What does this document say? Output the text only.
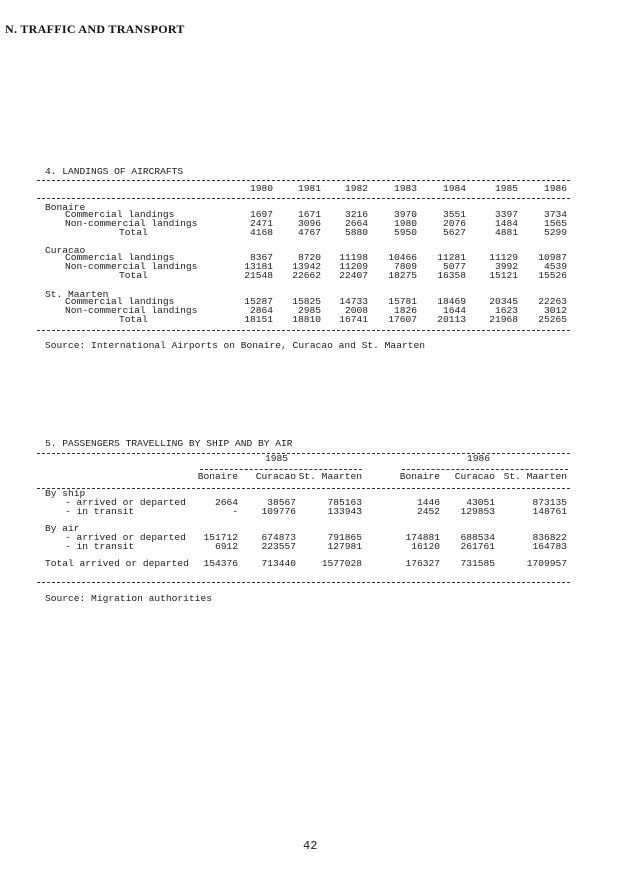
N. TRAFFIC AND TRANSPORT
4. LANDINGS OF AIRCRAFTS
1980	1981	1982	1983	1984	1985	1986
Bonaire
Commercial landings	1697	1671	3216	3970	3551	3397	3734
Non-commercial landings	2471	3096	2664	1980	2076	1484	1565
Total	4168	4767	5880	5950	5627	4881	5299
Curacao
Commercial landings	8367	8720	11198	10466	11281	11129	10987
Non-commercial landings	13181	13942	11209	7809	5077	3992	4539
Total	21548	22662	22407	18275	16358	15121	15526
St. Maarten
Commercial landings	15287	15825	14733	15781	18469	20345	22263
Non-commercial landings	2864	2985	2008	1826	1644	1623	3012
Total	18151	18810	16741	17607	20113	21968	25265
Source: International Airports on Bonaire, Curacao and St. Maarten
5. PASSENGERS TRAVELLING BY SHIP AND BY AIR
1985	1986
Bonaire	Curacao St. Maarten	Bonaire	Curacao St. Maarten
By ship
- arrived or departed	2664	38567	785163	1446	43051	873135
- in transit	-	109776	133943	2452	129853	148761
By air
- arrived or departed	151712	674873	791865	174881	688534	836822
- in transit	6912	223557	127981	16120	261761	164783
Total arrived or departed	154376	713440	1577028	176327	731585	1709957
Source: Migration authorities
42
